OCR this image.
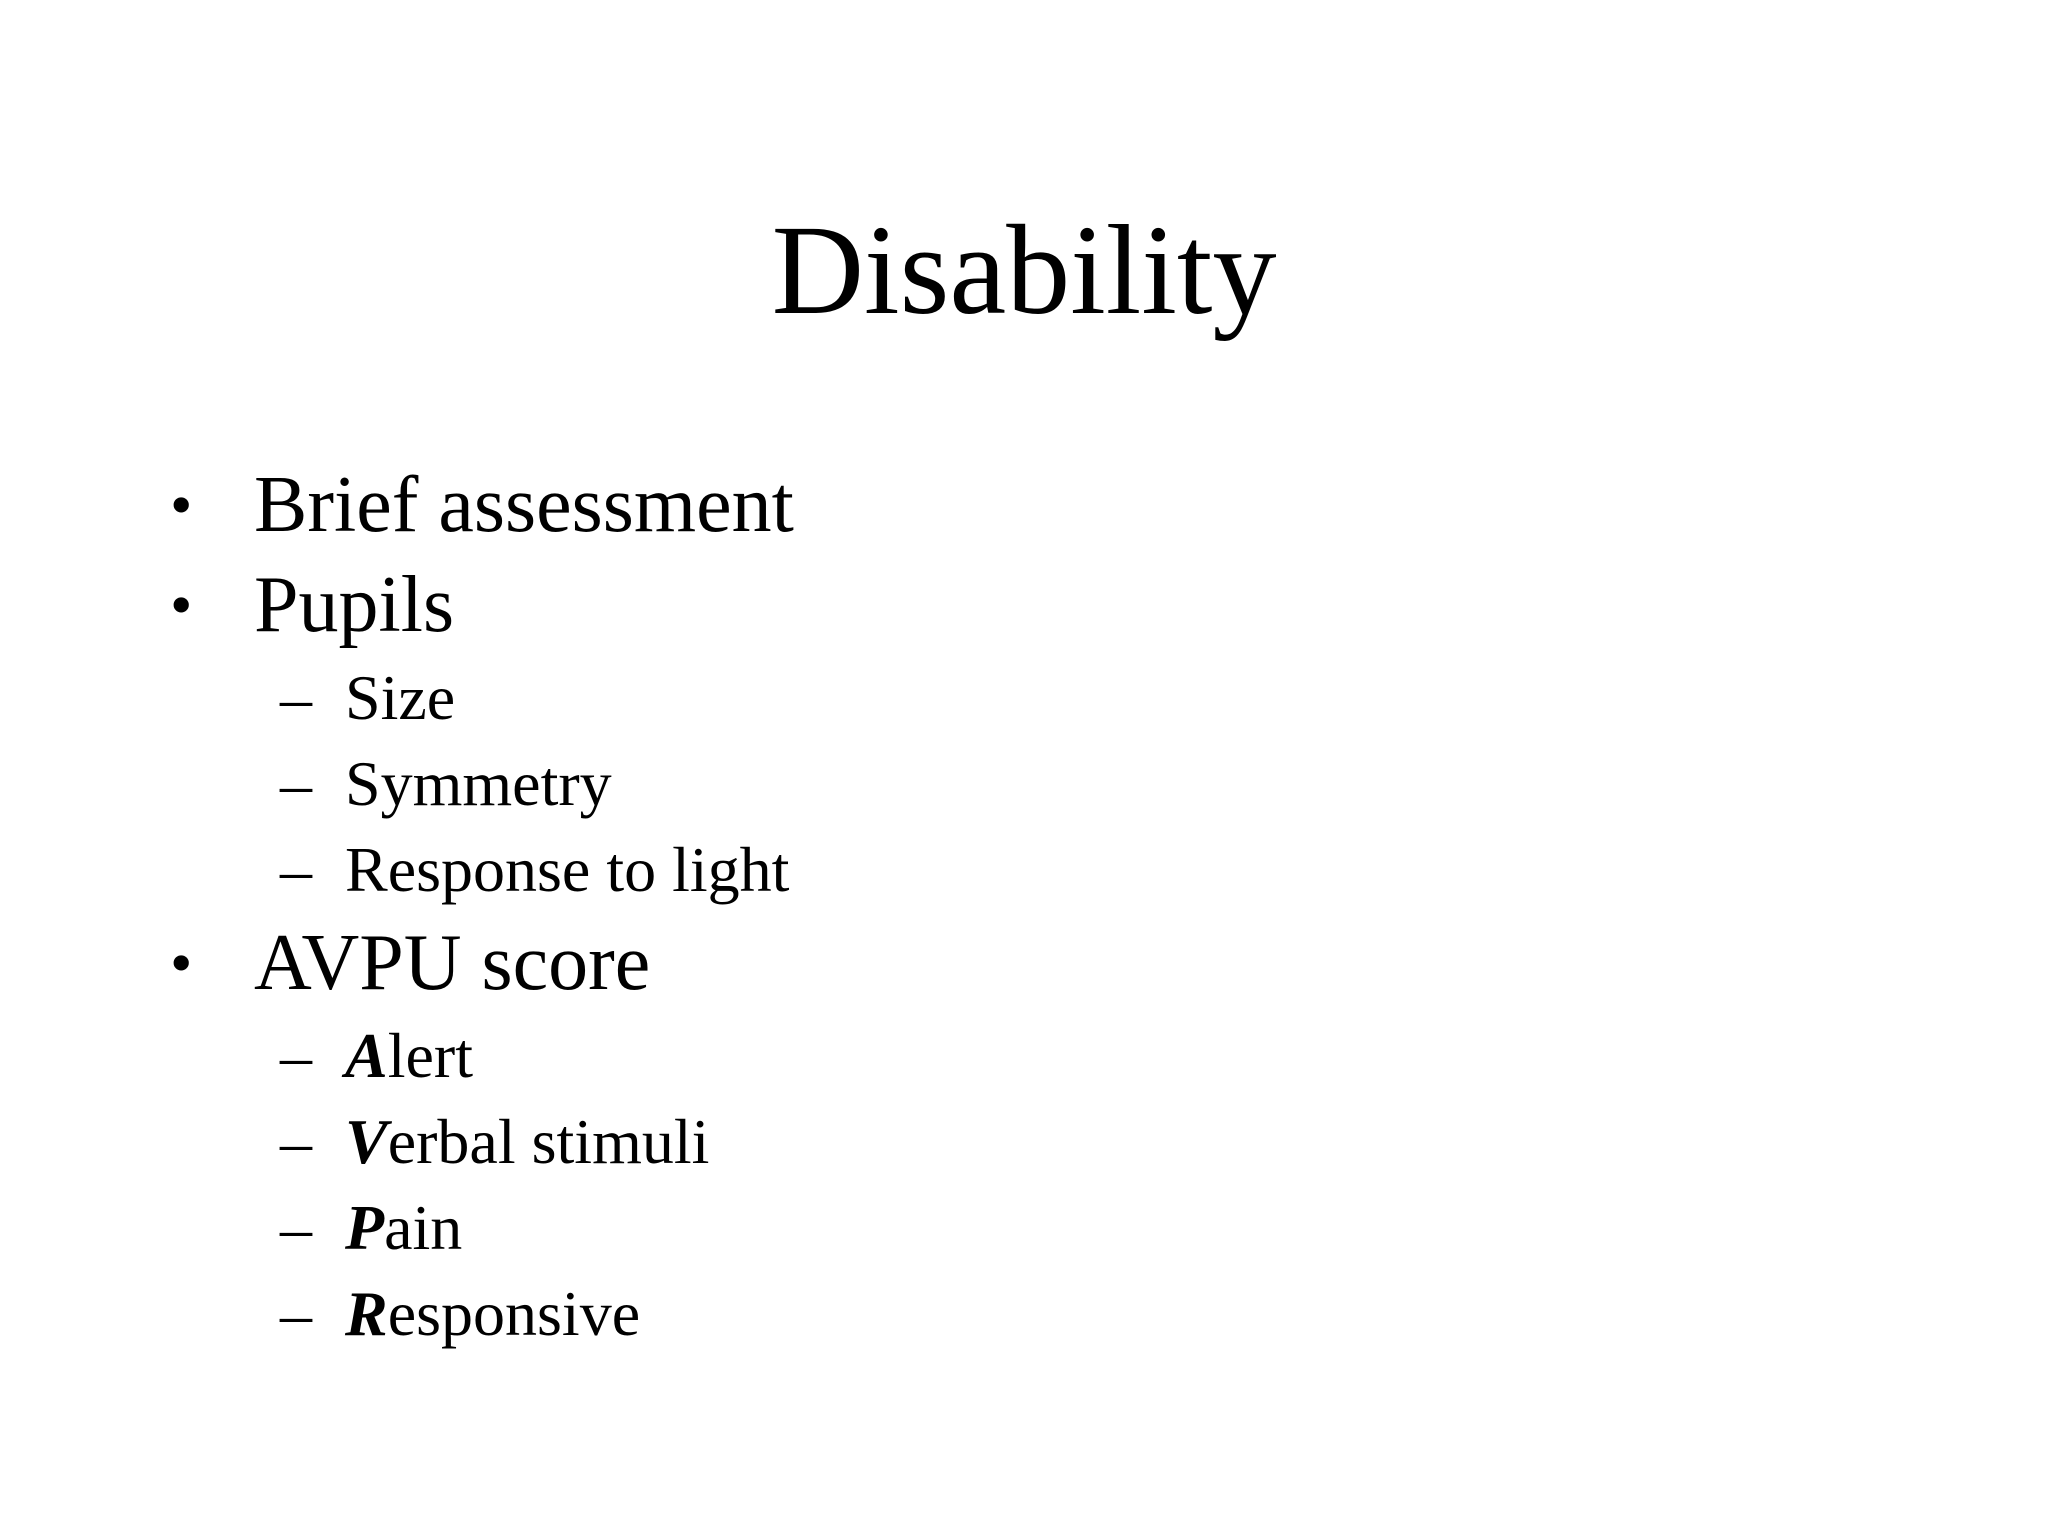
Disability
• Brief assessment
• Pupils
– Size
– Symmetry
– Response to light
• AVPU score
– Alert
– Verbal stimuli
– Pain
– Responsive
